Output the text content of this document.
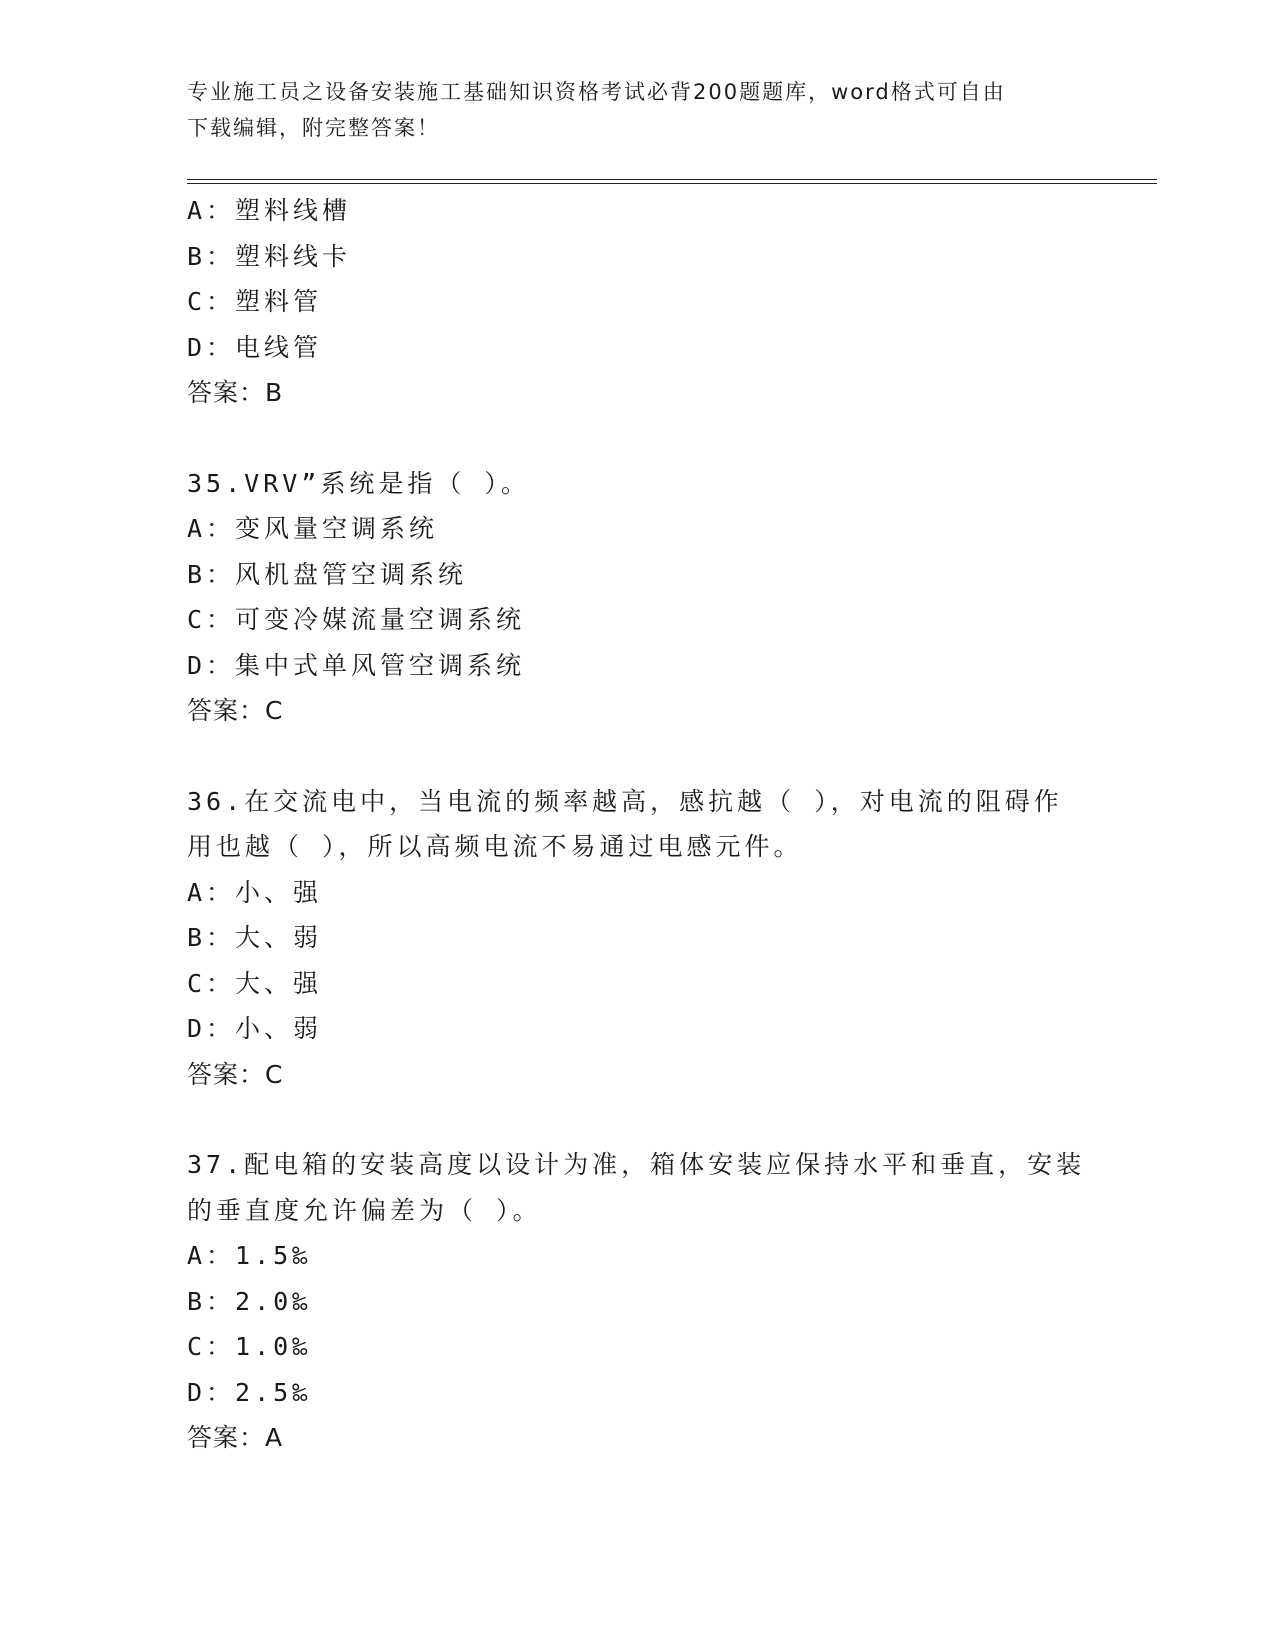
专业施工员之设备安装施工基础知识资格考试必背200题题库，word格式可自由
下载编辑，附完整答案！
A：塑料线槽
B：塑料线卡
C：塑料管
D：电线管
答案：B
35.VRV”系统是指（ ）。
A：变风量空调系统
B：风机盘管空调系统
C：可变冷媒流量空调系统
D：集中式单风管空调系统
答案：C
36.在交流电中，当电流的频率越高，感抗越（ ），对电流的阻碍作
用也越（ ），所以高频电流不易通过电感元件。
A：小、强
B：大、弱
C：大、强
D：小、弱
答案：C
37.配电箱的安装高度以设计为准，箱体安装应保持水平和垂直，安装
的垂直度允许偏差为（ ）。
A：1.5‰
B：2.0‰
C：1.0‰
D：2.5‰
答案：A
